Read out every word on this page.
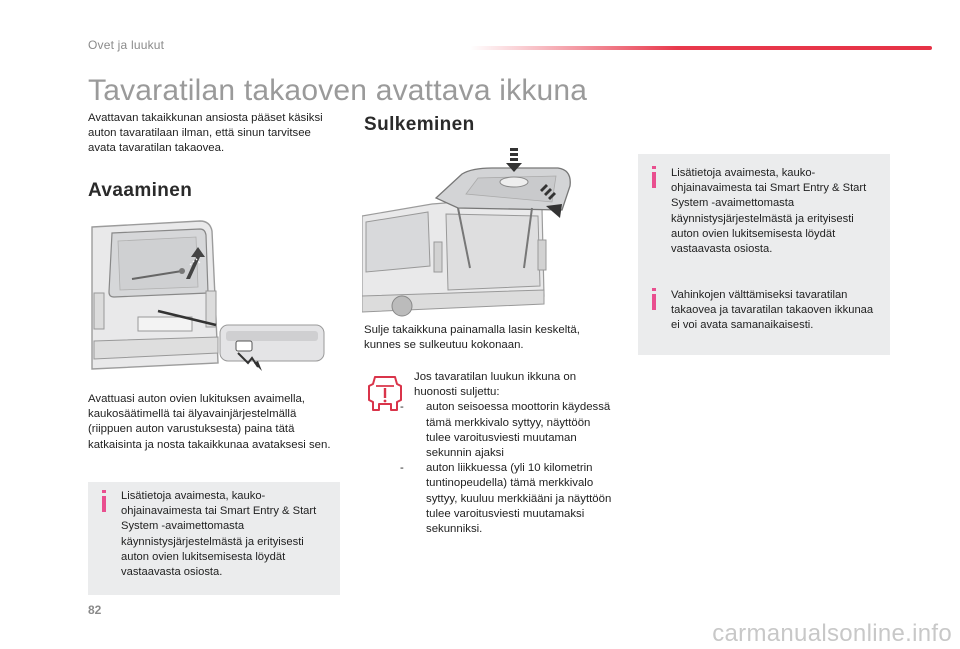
Ovet ja luukut
Tavaratilan takaoven avattava ikkuna

Avattavan takaikkunan ansiosta pääset käsiksi auton tavaratilaan ilman, että sinun tarvitsee avata tavaratilan takaovea.

Avaaminen

Avattuasi auton ovien lukituksen avaimella, kaukosäätimellä tai älyavainjärjestelmällä (riippuen auton varustuksesta) paina tätä katkaisinta ja nosta takaikkunaa avataksesi sen.

Lisätietoja avaimesta, kauko-ohjainavaimesta tai Smart Entry & Start System -avaimettomasta käynnistysjärjestelmästä ja erityisesti auton ovien lukitsemisesta löydät vastaavasta osiosta.

Sulkeminen

Sulje takaikkuna painamalla lasin keskeltä, kunnes se sulkeutuu kokonaan.

Jos tavaratilan luukun ikkuna on huonosti suljettu:

- auton seisoessa moottorin käydessä tämä merkkivalo syttyy, näyttöön tulee varoitusviesti muutaman sekunnin ajaksi
- auton liikkuessa (yli 10 kilometrin tuntinopeudella) tämä merkkivalo syttyy, kuuluu merkkiääni ja näyttöön tulee varoitusviesti muutamaksi sekunniksi.

Lisätietoja avaimesta, kauko-ohjainavaimesta tai Smart Entry & Start System -avaimettomasta käynnistysjärjestelmästä ja erityisesti auton ovien lukitsemisesta löydät vastaavasta osiosta.

Vahinkojen välttämiseksi tavaratilan takaovea ja tavaratilan takaoven ikkunaa ei voi avata samanaikaisesti.

82
carmanualsonline.info
